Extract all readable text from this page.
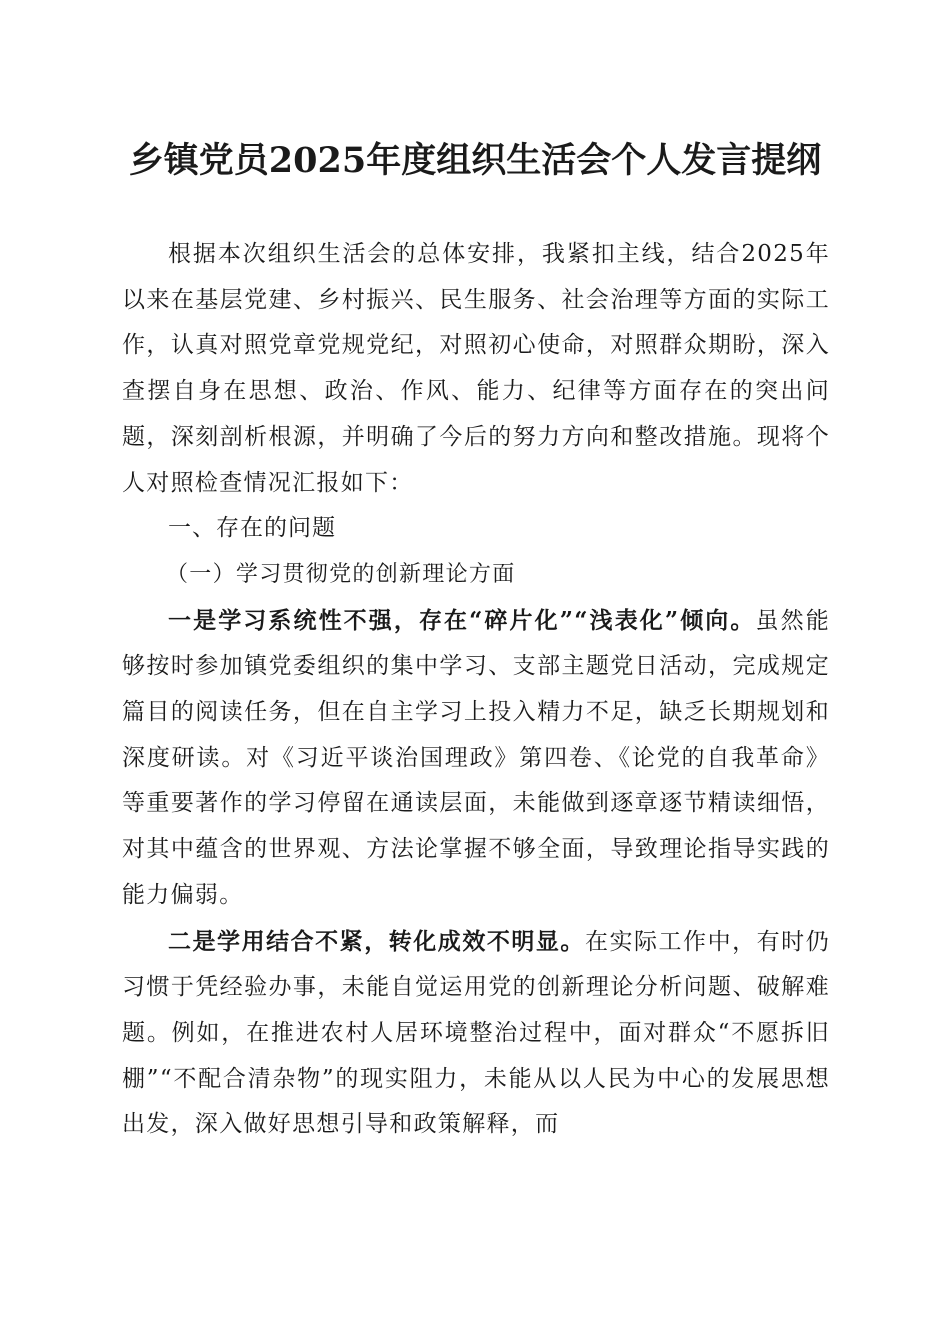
乡镇党员2025年度组织生活会个人发言提纲

根据本次组织生活会的总体安排，我紧扣主线，结合2025年以来在基层党建、乡村振兴、民生服务、社会治理等方面的实际工作，认真对照党章党规党纪，对照初心使命，对照群众期盼，深入查摆自身在思想、政治、作风、能力、纪律等方面存在的突出问题，深刻剖析根源，并明确了今后的努力方向和整改措施。现将个人对照检查情况汇报如下：

一、存在的问题

（一）学习贯彻党的创新理论方面

一是学习系统性不强，存在“碎片化”“浅表化”倾向。虽然能够按时参加镇党委组织的集中学习、支部主题党日活动，完成规定篇目的阅读任务，但在自主学习上投入精力不足，缺乏长期规划和深度研读。对《习近平谈治国理政》第四卷、《论党的自我革命》等重要著作的学习停留在通读层面，未能做到逐章逐节精读细悟，对其中蕴含的世界观、方法论掌握不够全面，导致理论指导实践的能力偏弱。

二是学用结合不紧，转化成效不明显。在实际工作中，有时仍习惯于凭经验办事，未能自觉运用党的创新理论分析问题、破解难题。例如，在推进农村人居环境整治过程中，面对群众“不愿拆旧棚”“不配合清杂物”的现实阻力，未能从以人民为中心的发展思想出发，深入做好思想引导和政策解释，而
